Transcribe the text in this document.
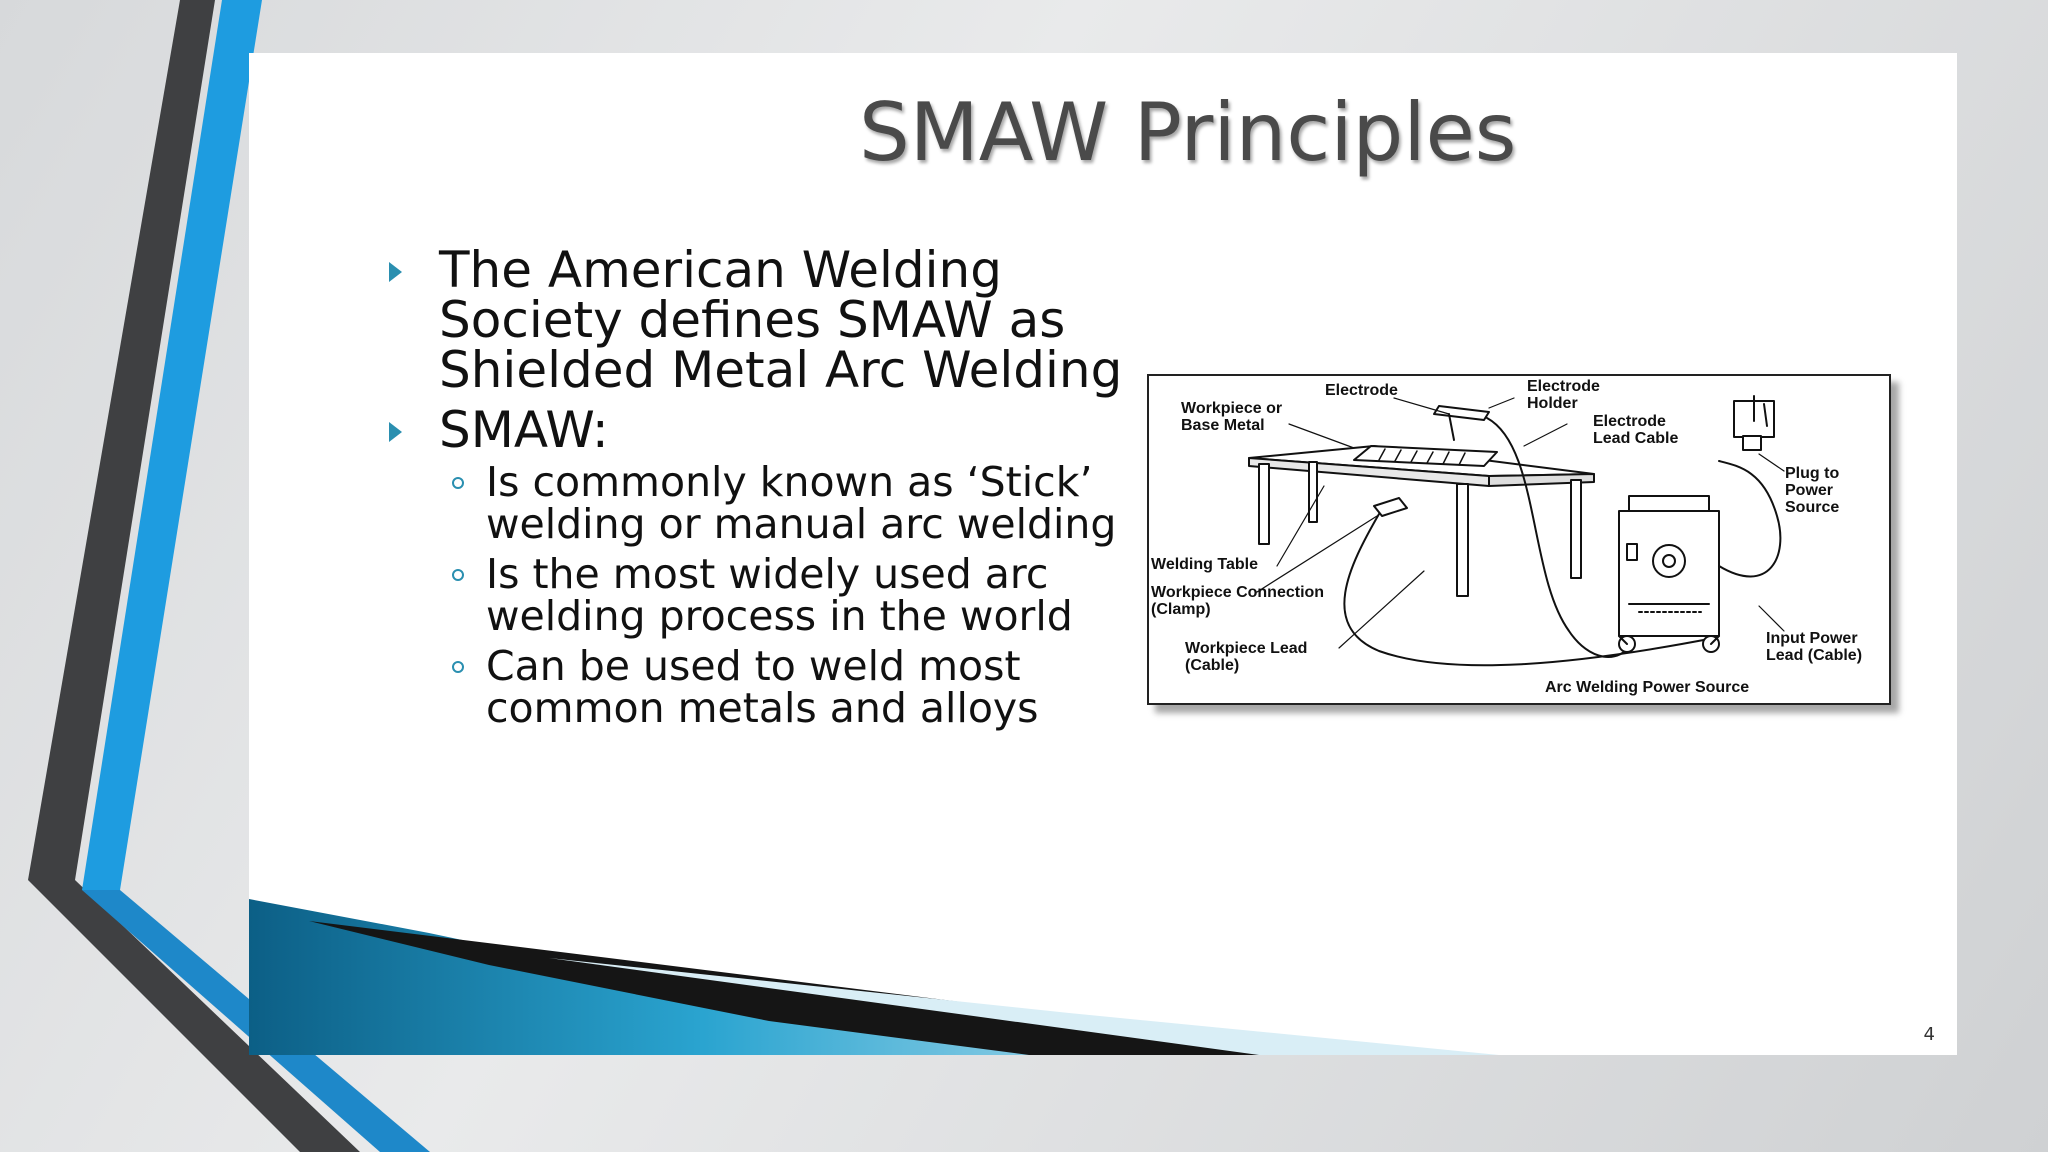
SMAW Principles
The American Welding Society defines SMAW as Shielded Metal Arc Welding
SMAW:
Is commonly known as ‘Stick’ welding or manual arc welding
Is the most widely used arc welding process in the world
Can be used to weld most common metals and alloys
Electrode	Electrode Holder
Workpiece or Base Metal	Electrode Lead Cable
Plug to Power Source
Welding Table
Workpiece Connection (Clamp)
Workpiece Lead (Cable)
Input Power Lead (Cable)
Arc Welding Power Source
4
